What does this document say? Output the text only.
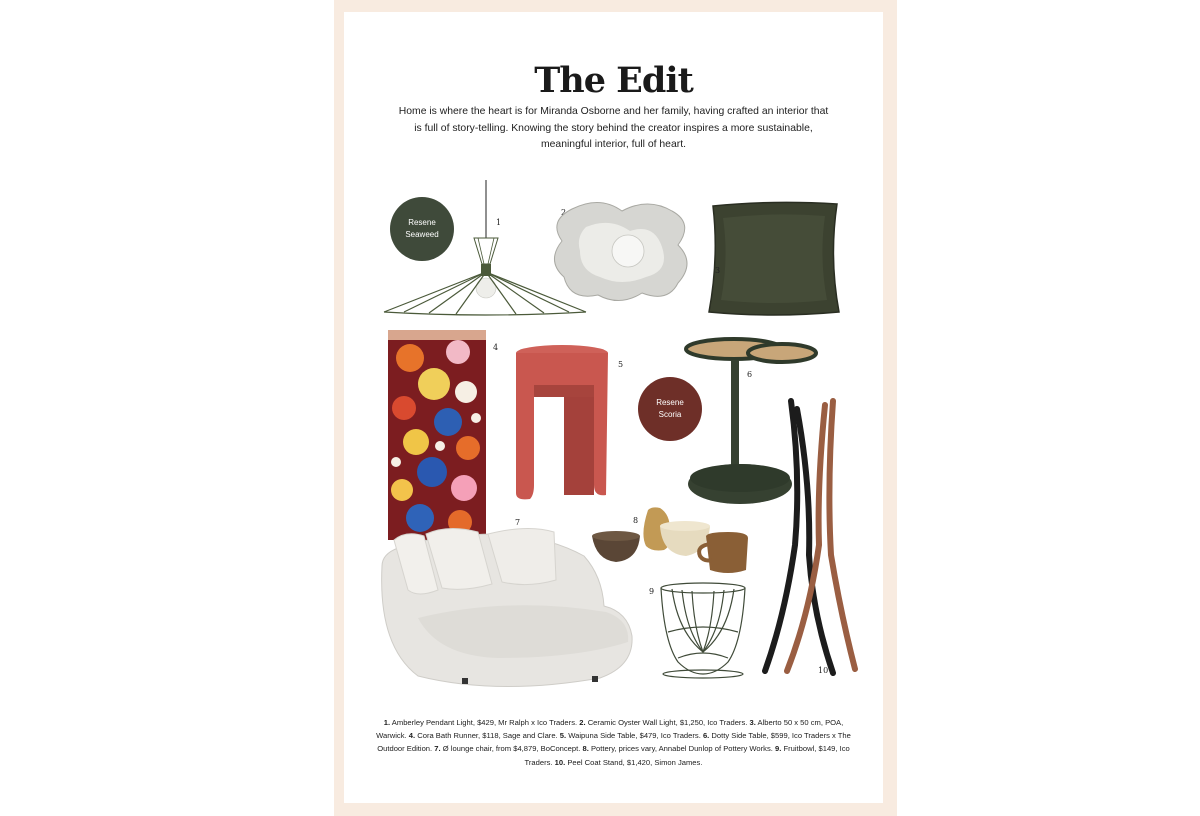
The Edit
Home is where the heart is for Miranda Osborne and her family, having crafted an interior that is full of story-telling. Knowing the story behind the creator inspires a more sustainable, meaningful interior, full of heart.
Resene
Seaweed
1
2
3
4
5
Resene
Scoria
6
10
7	8
9
1. Amberley Pendant Light, $429, Mr Ralph x Ico Traders. 2. Ceramic Oyster Wall Light, $1,250, Ico Traders. 3. Alberto 50 x 50 cm, POA, Warwick. 4. Cora Bath Runner, $118, Sage and Clare. 5. Waipuna Side Table, $479, Ico Traders. 6. Dotty Side Table, $599, Ico Traders x The Outdoor Edition. 7. Ø lounge chair, from $4,879, BoConcept. 8. Pottery, prices vary, Annabel Dunlop of Pottery Works. 9. Fruitbowl, $149, Ico Traders. 10. Peel Coat Stand, $1,420, Simon James.
